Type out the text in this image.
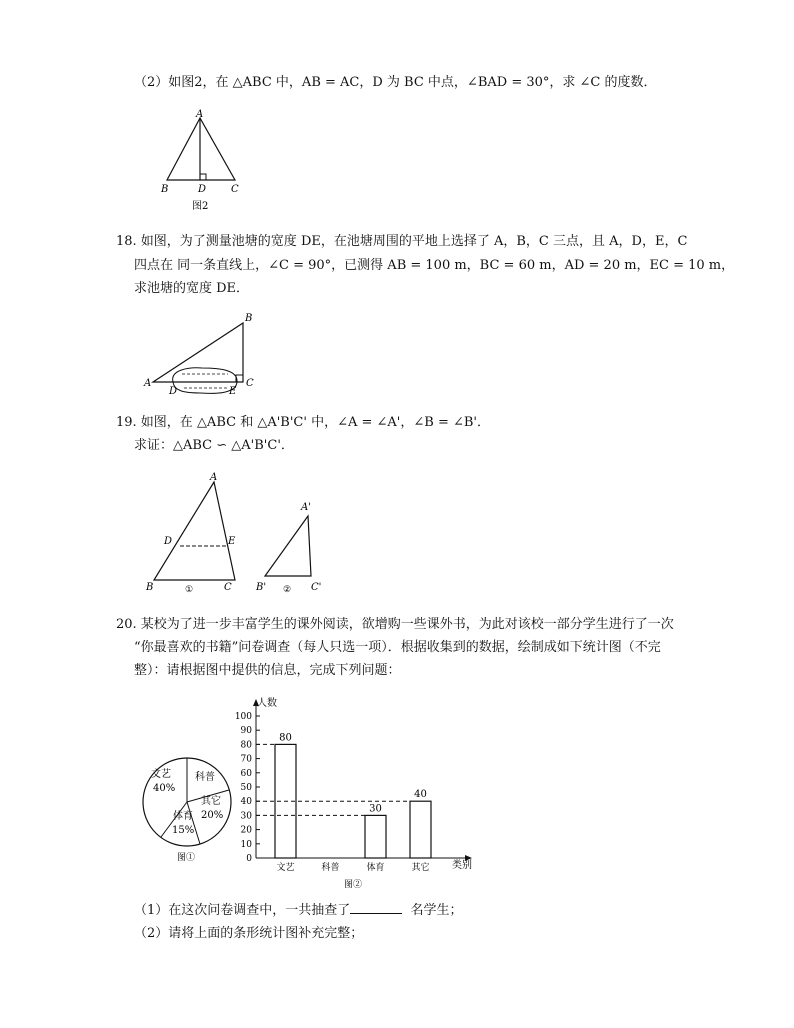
（2）如图2，在 △ABC 中，AB = AC，D 为 BC 中点，∠BAD = 30°，求 ∠C 的度数．
A
B	D C
图2
18. 如图，为了测量池塘的宽度 DE，在池塘周围的平地上选择了 A，B，C 三点，且 A，D，E，C
四点在 同一条直线上，∠C = 90°，已测得 AB = 100 m，BC = 60 m，AD = 20 m，EC = 10 m，
求池塘的宽度 DE．
B
A
D	E
C
19. 如图，在 △ABC 和 △A'B'C' 中，∠A = ∠A'，∠B = ∠B'．
求证：△ABC ∽ △A'B'C'．
A
D	E
B	C
①
A'
B'	C'
②
20. 某校为了进一步丰富学生的课外阅读，欲增购一些课外书，为此对该校一部分学生进行了一次
“你最喜欢的书籍”问卷调查（每人只选一项）．根据收集到的数据，绘制成如下统计图（不完
整）：请根据图中提供的信息，完成下列问题：
文艺
40%
科普
其它
20%
体育
15%
图①	0
10
20
30
40
50
60
70
80
90
100
文艺
80
科普	体育
30
其它
40
人数
类别
图②
（1）在这次问卷调查中，一共抽查了	名学生；
（2）请将上面的条形统计图补充完整；
